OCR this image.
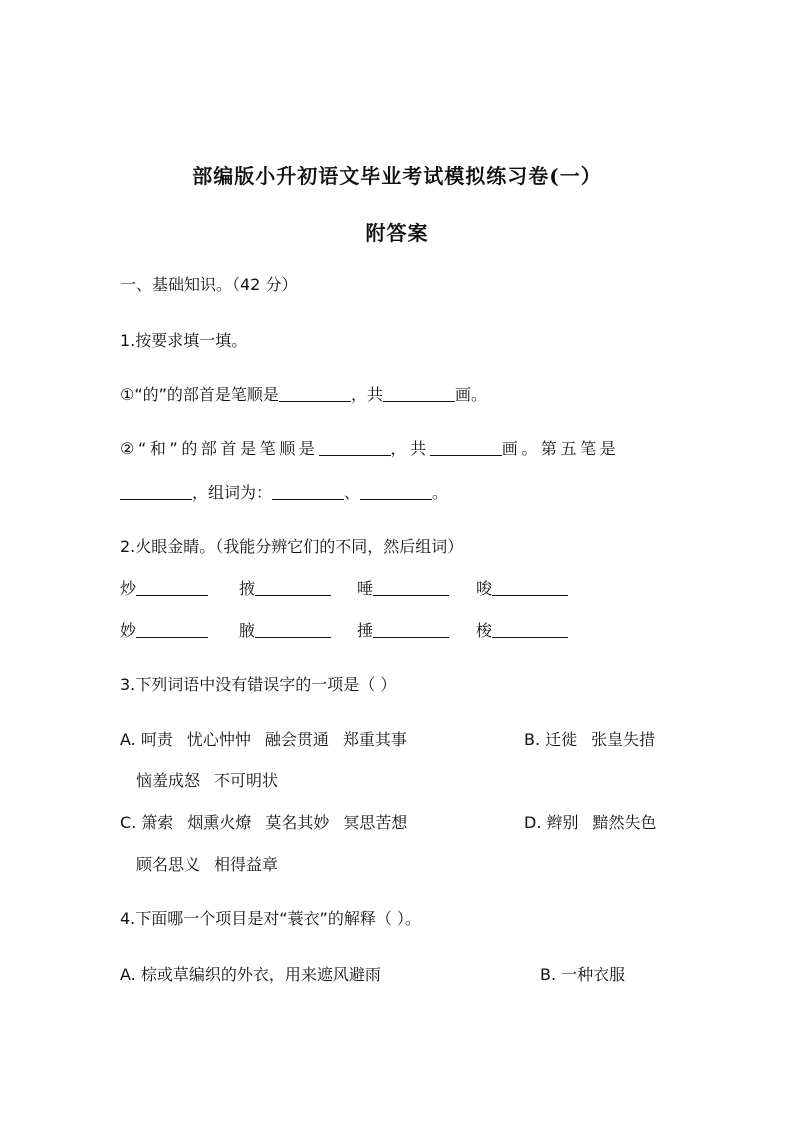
部编版小升初语文毕业考试模拟练习卷(一）
附答案
一、基础知识。（42 分）
1.按要求填一填。
①“的”的部首是笔顺是	，共	画。
②“和”的部首是笔顺是	，共	画。第五笔是
，组词为：	、	。
2.火眼金睛。（我能分辨它们的不同，然后组词）
炒	掖	唾	唆
妙	腋	捶	梭
3.下列词语中没有错误字的一项是（ ）
A. 呵责 忧心忡忡 融会贯通 郑重其事	B. 迁徙 张皇失措
恼羞成怒 不可明状
C. 箫索 烟熏火燎 莫名其妙 冥思苦想	D. 辫别 黯然失色
顾名思义 相得益章
4.下面哪一个项目是对“蓑衣”的解释（ ）。
A. 棕或草编织的外衣，用来遮风避雨	B. 一种衣服
